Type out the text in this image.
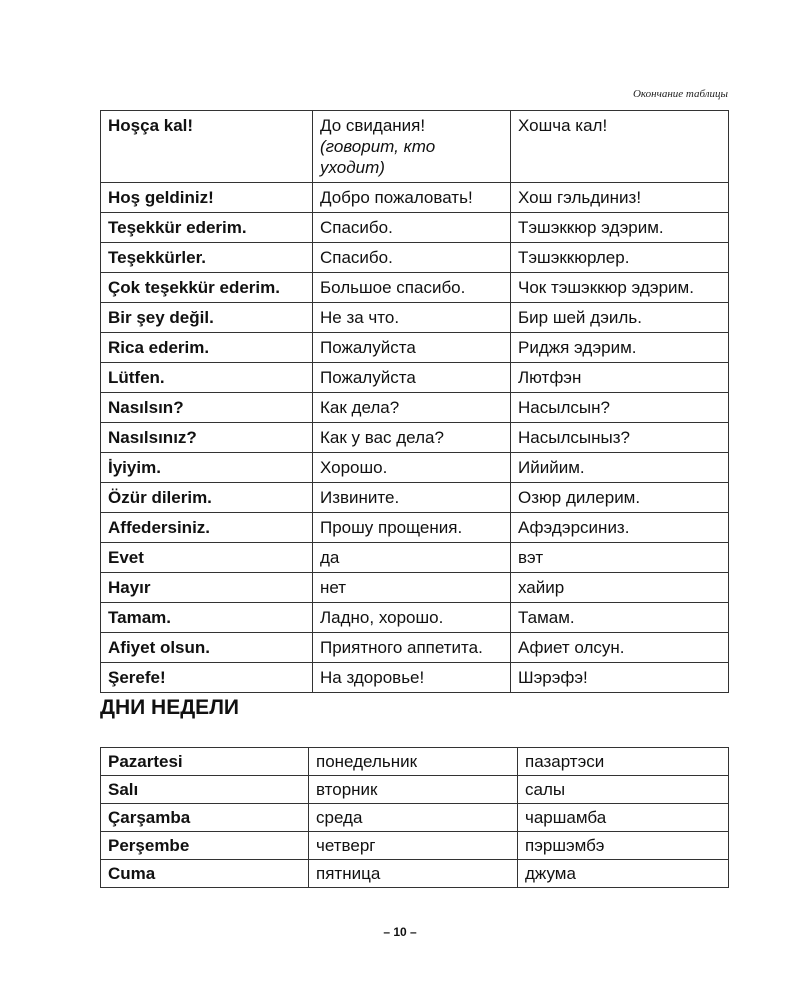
Окончание таблицы
Hoşça kal!	До свидания! (говорит, кто уходит)	Хошча кал!
Hoş geldiniz!	Добро пожаловать!	Хош гэльдиниз!
Teşekkür ederim.	Спасибо.	Тэшэккюр эдэрим.
Teşekkürler.	Спасибо.	Тэшэккюрлер.
Çok teşekkür ederim.	Большое спасибо.	Чок тэшэккюр эдэрим.
Bir şey değil.	Не за что.	Бир шей дэиль.
Rica ederim.	Пожалуйста	Риджя эдэрим.
Lütfen.	Пожалуйста	Лютфэн
Nasılsın?	Как дела?	Насылсын?
Nasılsınız?	Как у вас дела?	Насылсыныз?
İyiyim.	Хорошо.	Ийийим.
Özür dilerim.	Извините.	Озюр дилерим.
Affedersiniz.	Прошу прощения.	Афэдэрсиниз.
Evet	да	вэт
Hayır	нет	хайир
Tamam.	Ладно, хорошо.	Тамам.
Afiyet olsun.	Приятного аппетита.	Афиет олсун.
Şerefe!	На здоровье!	Шэрэфэ!
ДНИ НЕДЕЛИ
Pazartesi	понедельник	пазартэси
Salı	вторник	салы
Çarşamba	среда	чаршамба
Perşembe	четверг	пэршэмбэ
Cuma	пятница	джума
– 10 –
